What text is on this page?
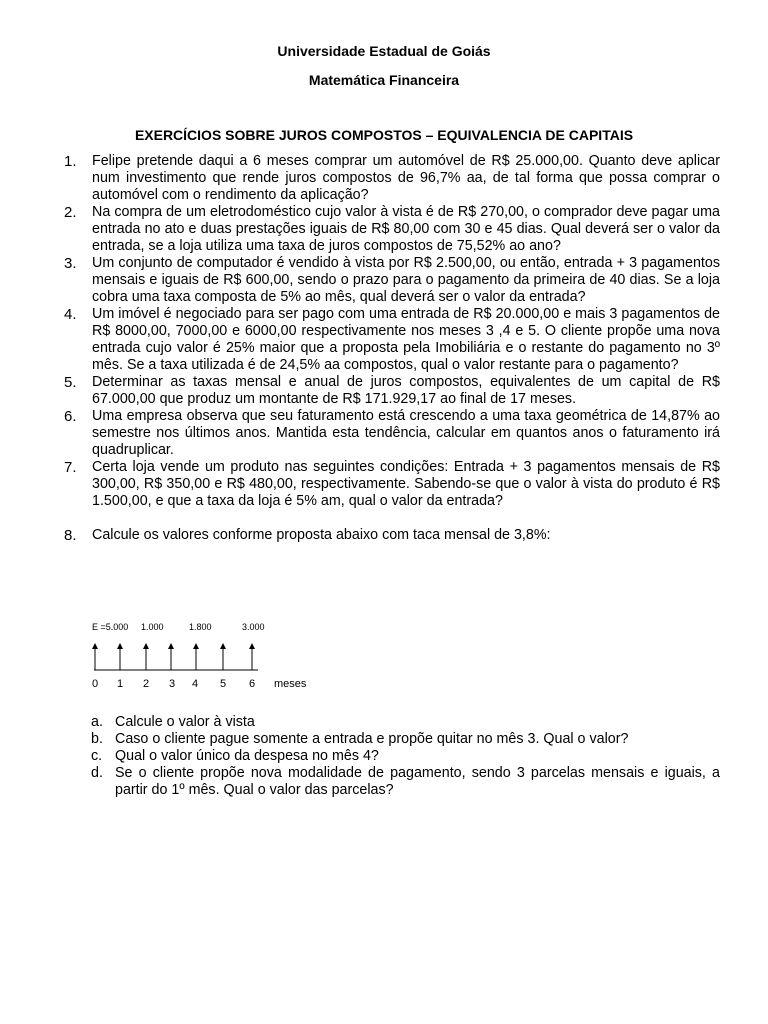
Universidade Estadual de Goiás
Matemática Financeira
EXERCÍCIOS SOBRE JUROS COMPOSTOS – EQUIVALENCIA DE CAPITAIS
1.	Felipe pretende daqui a 6 meses comprar um automóvel de R$ 25.000,00. Quanto deve aplicar num investimento que rende juros compostos de 96,7% aa, de tal forma que possa comprar o automóvel com o rendimento da aplicação?
2.	Na compra de um eletrodoméstico cujo valor à vista é de R$ 270,00, o comprador deve pagar uma entrada no ato e duas prestações iguais de R$ 80,00 com 30 e 45 dias. Qual deverá ser o valor da entrada, se a loja utiliza uma taxa de juros compostos de 75,52% ao ano?
3.	Um conjunto de computador é vendido à vista por R$ 2.500,00, ou então, entrada + 3 pagamentos mensais e iguais de R$ 600,00, sendo o prazo para o pagamento da primeira de 40 dias. Se a loja cobra uma taxa composta de 5% ao mês, qual deverá ser o valor da entrada?
4.	Um imóvel é negociado para ser pago com uma entrada de R$ 20.000,00 e mais 3 pagamentos de R$ 8000,00, 7000,00 e 6000,00 respectivamente nos meses 3 ,4 e 5. O cliente propõe uma nova entrada cujo valor é 25% maior que a proposta pela Imobiliária e o restante do pagamento no 3º mês. Se a taxa utilizada é de 24,5% aa compostos, qual o valor restante para o pagamento?
5.	Determinar as taxas mensal e anual de juros compostos, equivalentes de um capital de R$ 67.000,00 que produz um montante de R$ 171.929,17 ao final de 17 meses.
6.	Uma empresa observa que seu faturamento está crescendo a uma taxa geométrica de 14,87% ao semestre nos últimos anos. Mantida esta tendência, calcular em quantos anos o faturamento irá quadruplicar.
7.	Certa loja vende um produto nas seguintes condições: Entrada + 3 pagamentos mensais de R$ 300,00, R$ 350,00 e R$ 480,00, respectivamente. Sabendo-se que o valor à vista do produto é R$ 1.500,00, e que a taxa da loja é 5% am, qual o valor da entrada?
8.	Calcule os valores conforme proposta abaixo com taca mensal de 3,8%:
E =5.000 1.000	1.800	3.000
0 1 2 3 4 5 6 meses
a. Calcule o valor à vista
b. Caso o cliente pague somente a entrada e propõe quitar no mês 3. Qual o valor?
c. Qual o valor único da despesa no mês 4?
d. Se o cliente propõe nova modalidade de pagamento, sendo 3 parcelas mensais e iguais, a partir do 1º mês. Qual o valor das parcelas?
